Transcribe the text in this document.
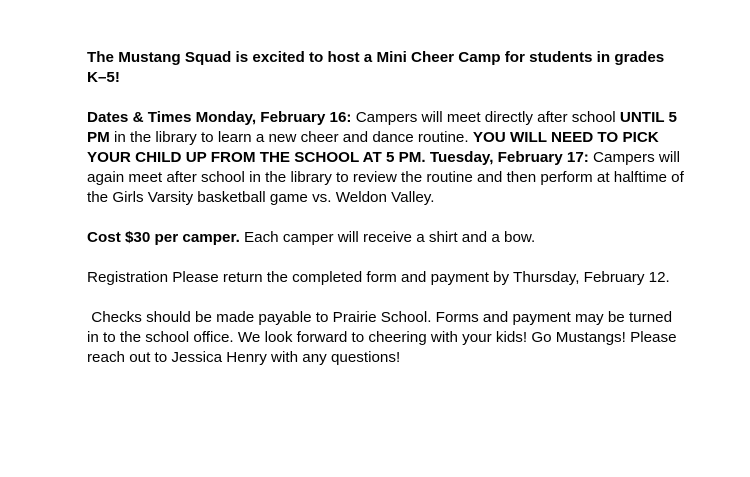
The Mustang Squad is excited to host a Mini Cheer Camp for students in grades K–5!

Dates & Times Monday, February 16: Campers will meet directly after school UNTIL 5 PM in the library to learn a new cheer and dance routine. YOU WILL NEED TO PICK YOUR CHILD UP FROM THE SCHOOL AT 5 PM. Tuesday, February 17: Campers will again meet after school in the library to review the routine and then perform at halftime of the Girls Varsity basketball game vs. Weldon Valley.

Cost $30 per camper. Each camper will receive a shirt and a bow.

Registration Please return the completed form and payment by Thursday, February 12.

Checks should be made payable to Prairie School. Forms and payment may be turned in to the school office. We look forward to cheering with your kids! Go Mustangs! Please reach out to Jessica Henry with any questions!
